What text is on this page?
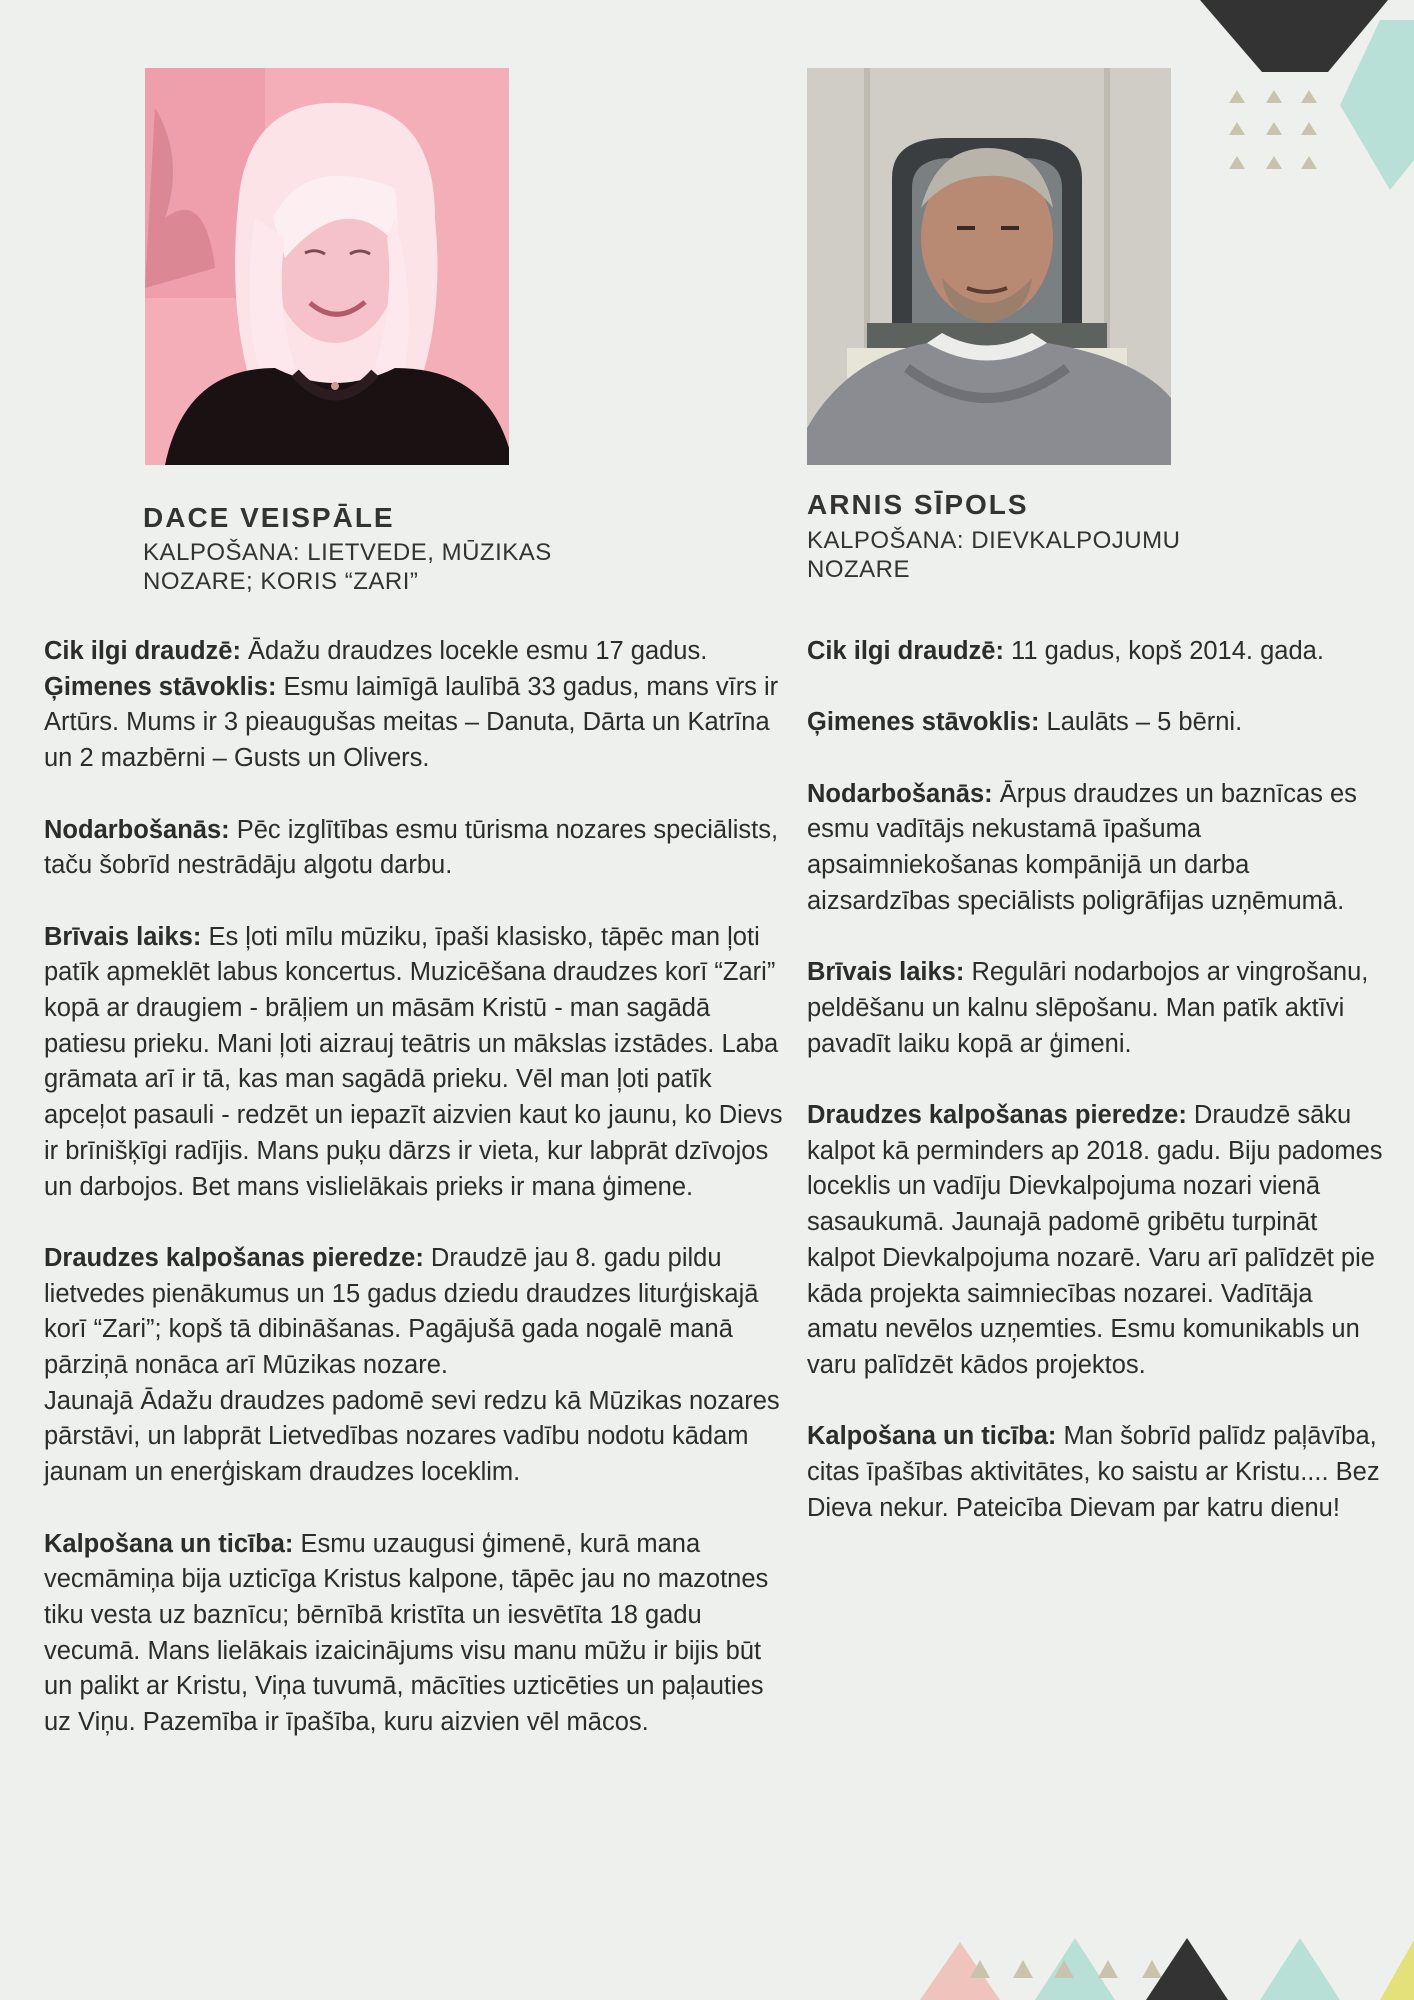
DACE VEISPĀLE
KALPOŠANA: LIETVEDE, MŪZIKAS
NOZARE; KORIS “ZARI”
ARNIS SĪPOLS
KALPOŠANA: DIEVKALPOJUMU
NOZARE

Cik ilgi draudzē: Ādažu draudzes locekle esmu 17 gadus.

Ģimenes stāvoklis: Esmu laimīgā laulībā 33 gadus, mans vīrs ir Artūrs. Mums ir 3 pieaugušas meitas – Danuta, Dārta un Katrīna un 2 mazbērni – Gusts un Olivers.

Nodarbošanās: Pēc izglītības esmu tūrisma nozares speciālists, taču šobrīd nestrādāju algotu darbu.

Brīvais laiks: Es ļoti mīlu mūziku, īpaši klasisko, tāpēc man ļoti patīk apmeklēt labus koncertus. Muzicēšana draudzes korī “Zari” kopā ar draugiem - brāļiem un māsām Kristū - man sagādā patiesu prieku. Mani ļoti aizrauj teātris un mākslas izstādes. Laba grāmata arī ir tā, kas man sagādā prieku. Vēl man ļoti patīk apceļot pasauli - redzēt un iepazīt aizvien kaut ko jaunu, ko Dievs ir brīnišķīgi radījis. Mans puķu dārzs ir vieta, kur labprāt dzīvojos un darbojos. Bet mans vislielākais prieks ir mana ģimene.

Draudzes kalpošanas pieredze: Draudzē jau 8. gadu pildu lietvedes pienākumus un 15 gadus dziedu draudzes liturģiskajā korī “Zari”; kopš tā dibināšanas. Pagājušā gada nogalē manā pārziņā nonāca arī Mūzikas nozare.
Jaunajā Ādažu draudzes padomē sevi redzu kā Mūzikas nozares pārstāvi, un labprāt Lietvedības nozares vadību nodotu kādam jaunam un enerģiskam draudzes loceklim.

Kalpošana un ticība: Esmu uzaugusi ģimenē, kurā mana vecmāmiņa bija uzticīga Kristus kalpone, tāpēc jau no mazotnes tiku vesta uz baznīcu; bērnībā kristīta un iesvētīta 18 gadu vecumā. Mans lielākais izaicinājums visu manu mūžu ir bijis būt un palikt ar Kristu, Viņa tuvumā, mācīties uzticēties un paļauties uz Viņu. Pazemība ir īpašība, kuru aizvien vēl mācos.

Cik ilgi draudzē: 11 gadus, kopš 2014. gada.

Ģimenes stāvoklis: Laulāts – 5 bērni.

Nodarbošanās: Ārpus draudzes un baznīcas es esmu vadītājs nekustamā īpašuma apsaimniekošanas kompānijā un darba aizsardzības speciālists poligrāfijas uzņēmumā.

Brīvais laiks: Regulāri nodarbojos ar vingrošanu, peldēšanu un kalnu slēpošanu. Man patīk aktīvi pavadīt laiku kopā ar ģimeni.

Draudzes kalpošanas pieredze: Draudzē sāku kalpot kā perminders ap 2018. gadu. Biju padomes loceklis un vadīju Dievkalpojuma nozari vienā sasaukumā. Jaunajā padomē gribētu turpināt kalpot Dievkalpojuma nozarē. Varu arī palīdzēt pie kāda projekta saimniecības nozarei. Vadītāja amatu nevēlos uzņemties. Esmu komunikabls un varu palīdzēt kādos projektos.

Kalpošana un ticība: Man šobrīd palīdz paļāvība, citas īpašības aktivitātes, ko saistu ar Kristu.... Bez Dieva nekur. Pateicība Dievam par katru dienu!
